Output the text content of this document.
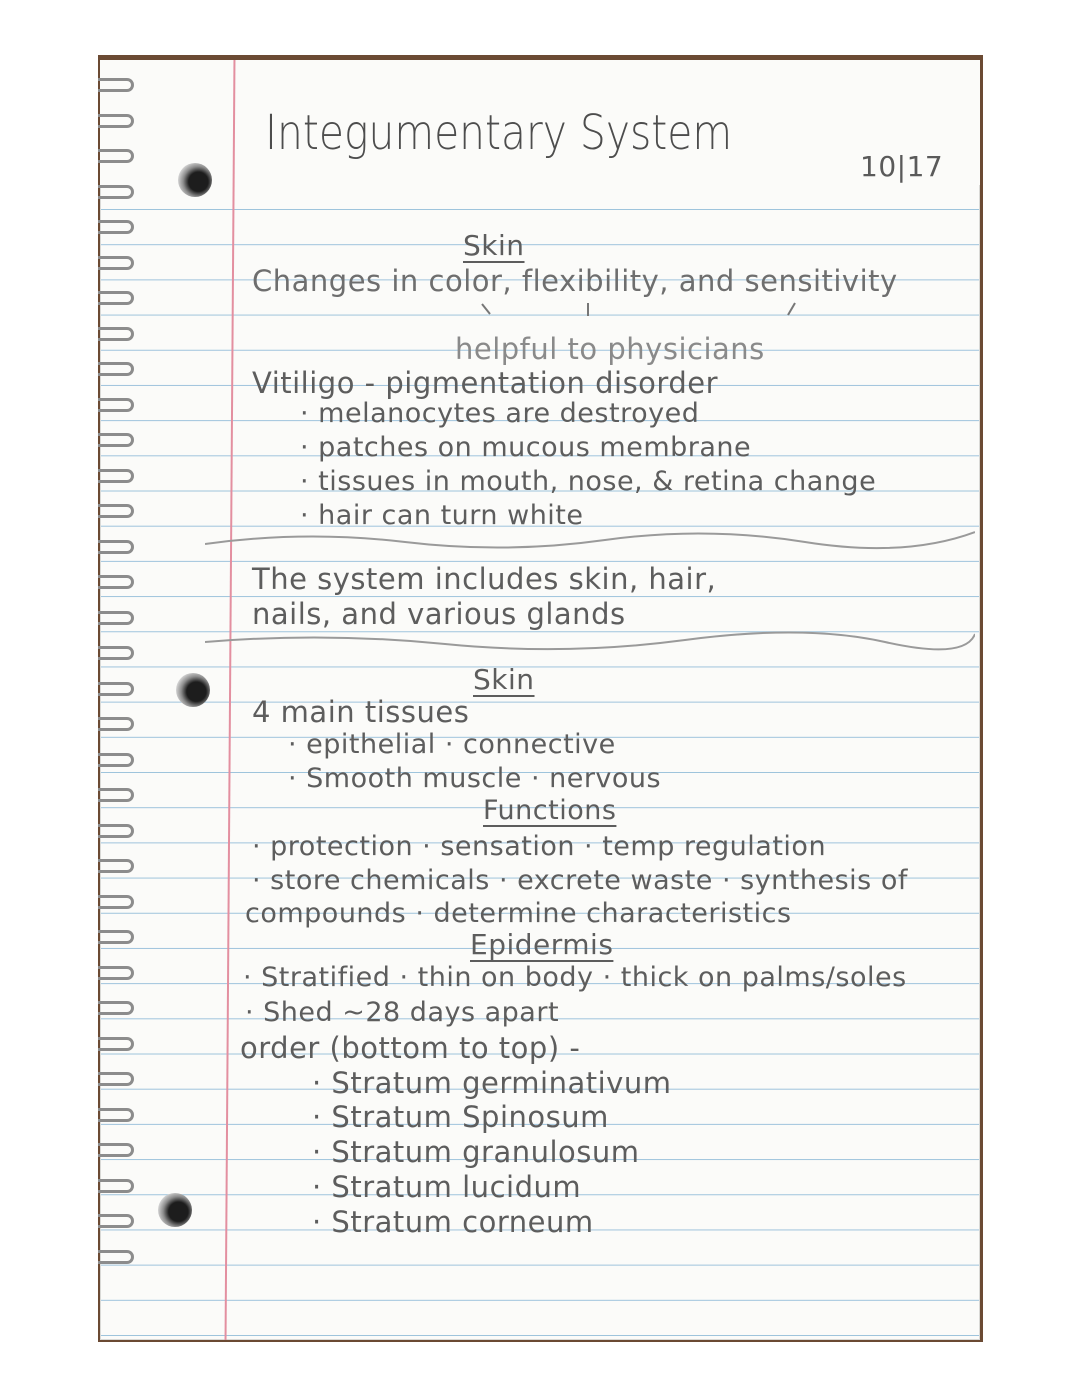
Integumentary System
10|17
Skin
Changes in color, flexibility, and sensitivity
helpful to physicians
Vitiligo - pigmentation disorder
· melanocytes are destroyed
· patches on mucous membrane
· tissues in mouth, nose, & retina change
· hair can turn white
The system includes skin, hair,
nails, and various glands
Skin
4 main tissues
· epithelial · connective
· Smooth muscle · nervous
Functions
· protection · sensation · temp regulation
· store chemicals · excrete waste · synthesis of
compounds · determine characteristics
Epidermis
· Stratified · thin on body · thick on palms/soles
· Shed ~28 days apart
order (bottom to top) -
· Stratum germinativum
· Stratum Spinosum
· Stratum granulosum
· Stratum lucidum
· Stratum corneum
